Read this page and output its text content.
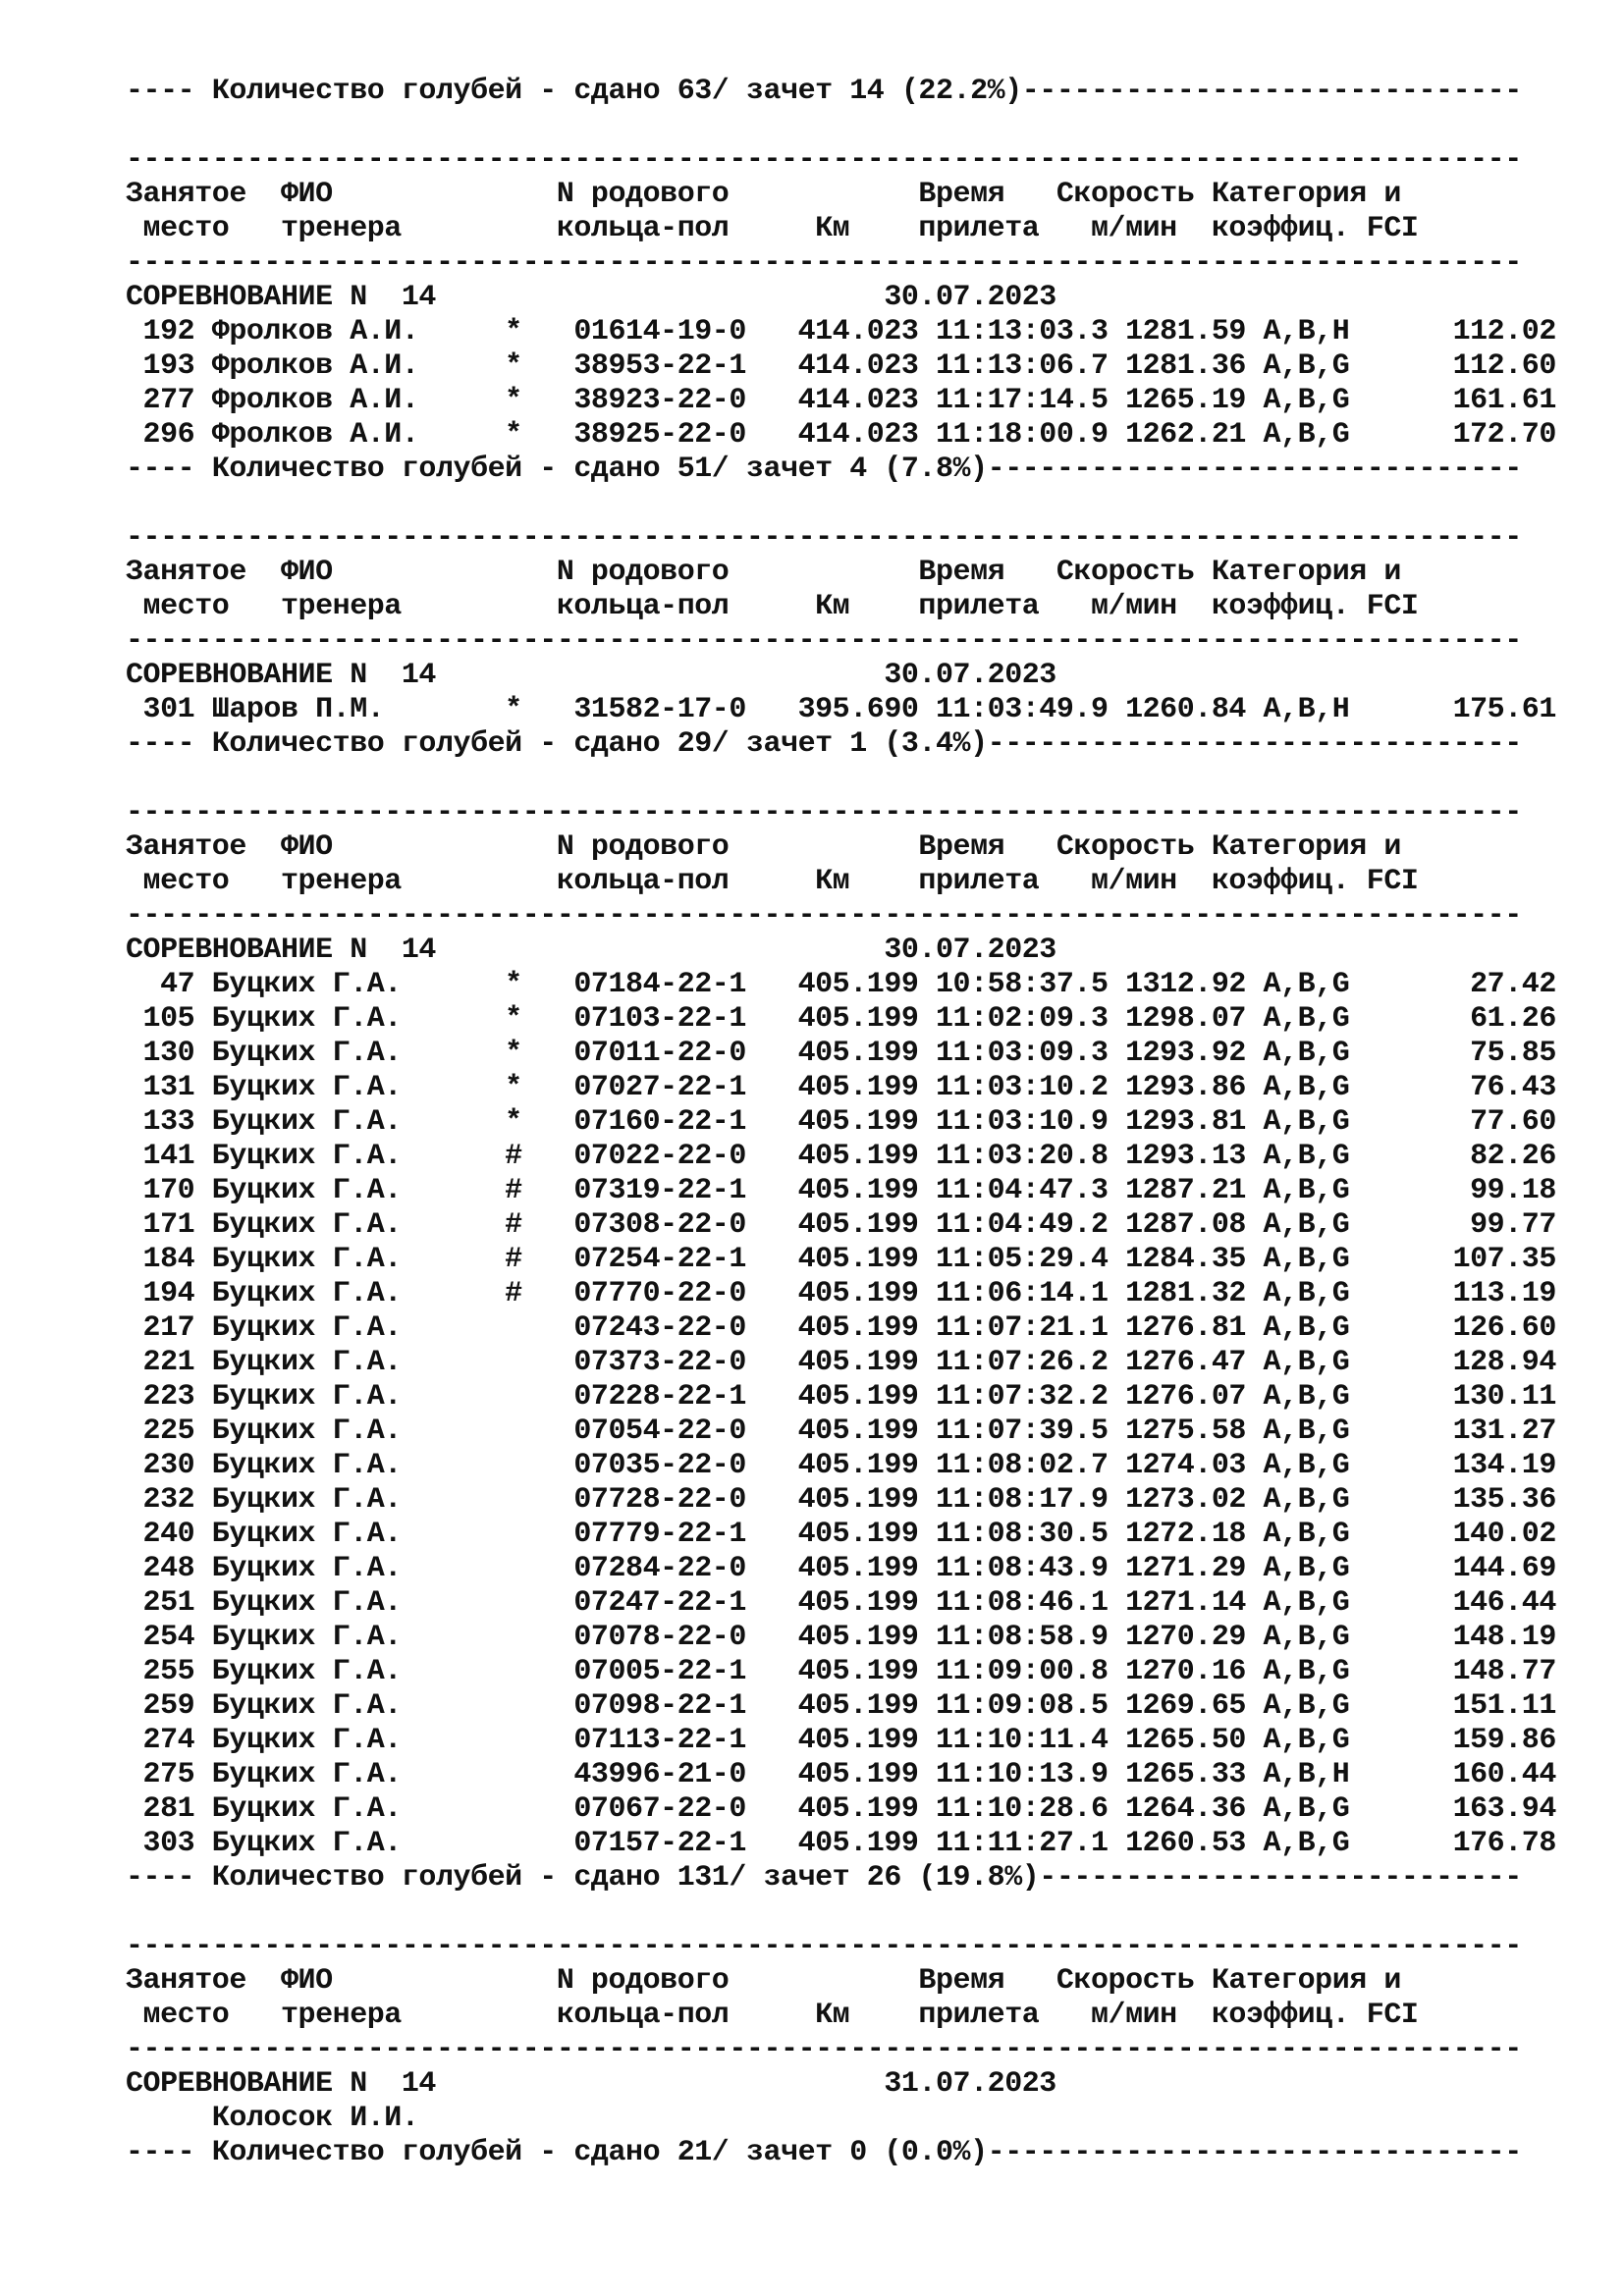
---- Количество голубей - сдано 63/ зачет 14 (22.2%)-----------------------------
---------------------------------------------------------------------------------
Занятое  ФИО             N родового           Время   Скорость Категория и
место   тренера         кольца-пол     Км    прилета   м/мин  коэффиц. FCI
---------------------------------------------------------------------------------
СОРЕВНОВАНИЕ N  14                          30.07.2023
192 Фролков А.И.     *   01614-19-0   414.023 11:13:03.3 1281.59 A,B,H      112.02
193 Фролков А.И.     *   38953-22-1   414.023 11:13:06.7 1281.36 A,B,G      112.60
277 Фролков А.И.     *   38923-22-0   414.023 11:17:14.5 1265.19 A,B,G      161.61
296 Фролков А.И.     *   38925-22-0   414.023 11:18:00.9 1262.21 A,B,G      172.70
---- Количество голубей - сдано 51/ зачет 4 (7.8%)-------------------------------
---------------------------------------------------------------------------------
Занятое  ФИО             N родового           Время   Скорость Категория и
место   тренера         кольца-пол     Км    прилета   м/мин  коэффиц. FCI
---------------------------------------------------------------------------------
СОРЕВНОВАНИЕ N  14                          30.07.2023
301 Шаров П.М.       *   31582-17-0   395.690 11:03:49.9 1260.84 A,B,H      175.61
---- Количество голубей - сдано 29/ зачет 1 (3.4%)-------------------------------
---------------------------------------------------------------------------------
Занятое  ФИО             N родового           Время   Скорость Категория и
место   тренера         кольца-пол     Км    прилета   м/мин  коэффиц. FCI
---------------------------------------------------------------------------------
СОРЕВНОВАНИЕ N  14                          30.07.2023
47 Буцких Г.А.      *   07184-22-1   405.199 10:58:37.5 1312.92 A,B,G       27.42
105 Буцких Г.А.      *   07103-22-1   405.199 11:02:09.3 1298.07 A,B,G       61.26
130 Буцких Г.А.      *   07011-22-0   405.199 11:03:09.3 1293.92 A,B,G       75.85
131 Буцких Г.А.      *   07027-22-1   405.199 11:03:10.2 1293.86 A,B,G       76.43
133 Буцких Г.А.      *   07160-22-1   405.199 11:03:10.9 1293.81 A,B,G       77.60
141 Буцких Г.А.      #   07022-22-0   405.199 11:03:20.8 1293.13 A,B,G       82.26
170 Буцких Г.А.      #   07319-22-1   405.199 11:04:47.3 1287.21 A,B,G       99.18
171 Буцких Г.А.      #   07308-22-0   405.199 11:04:49.2 1287.08 A,B,G       99.77
184 Буцких Г.А.      #   07254-22-1   405.199 11:05:29.4 1284.35 A,B,G      107.35
194 Буцких Г.А.      #   07770-22-0   405.199 11:06:14.1 1281.32 A,B,G      113.19
217 Буцких Г.А.          07243-22-0   405.199 11:07:21.1 1276.81 A,B,G      126.60
221 Буцких Г.А.          07373-22-0   405.199 11:07:26.2 1276.47 A,B,G      128.94
223 Буцких Г.А.          07228-22-1   405.199 11:07:32.2 1276.07 A,B,G      130.11
225 Буцких Г.А.          07054-22-0   405.199 11:07:39.5 1275.58 A,B,G      131.27
230 Буцких Г.А.          07035-22-0   405.199 11:08:02.7 1274.03 A,B,G      134.19
232 Буцких Г.А.          07728-22-0   405.199 11:08:17.9 1273.02 A,B,G      135.36
240 Буцких Г.А.          07779-22-1   405.199 11:08:30.5 1272.18 A,B,G      140.02
248 Буцких Г.А.          07284-22-0   405.199 11:08:43.9 1271.29 A,B,G      144.69
251 Буцких Г.А.          07247-22-1   405.199 11:08:46.1 1271.14 A,B,G      146.44
254 Буцких Г.А.          07078-22-0   405.199 11:08:58.9 1270.29 A,B,G      148.19
255 Буцких Г.А.          07005-22-1   405.199 11:09:00.8 1270.16 A,B,G      148.77
259 Буцких Г.А.          07098-22-1   405.199 11:09:08.5 1269.65 A,B,G      151.11
274 Буцких Г.А.          07113-22-1   405.199 11:10:11.4 1265.50 A,B,G      159.86
275 Буцких Г.А.          43996-21-0   405.199 11:10:13.9 1265.33 A,B,H      160.44
281 Буцких Г.А.          07067-22-0   405.199 11:10:28.6 1264.36 A,B,G      163.94
303 Буцких Г.А.          07157-22-1   405.199 11:11:27.1 1260.53 A,B,G      176.78
---- Количество голубей - сдано 131/ зачет 26 (19.8%)----------------------------
---------------------------------------------------------------------------------
Занятое  ФИО             N родового           Время   Скорость Категория и
место   тренера         кольца-пол     Км    прилета   м/мин  коэффиц. FCI
---------------------------------------------------------------------------------
СОРЕВНОВАНИЕ N  14                          31.07.2023
Колосок И.И.
---- Количество голубей - сдано 21/ зачет 0 (0.0%)-------------------------------
